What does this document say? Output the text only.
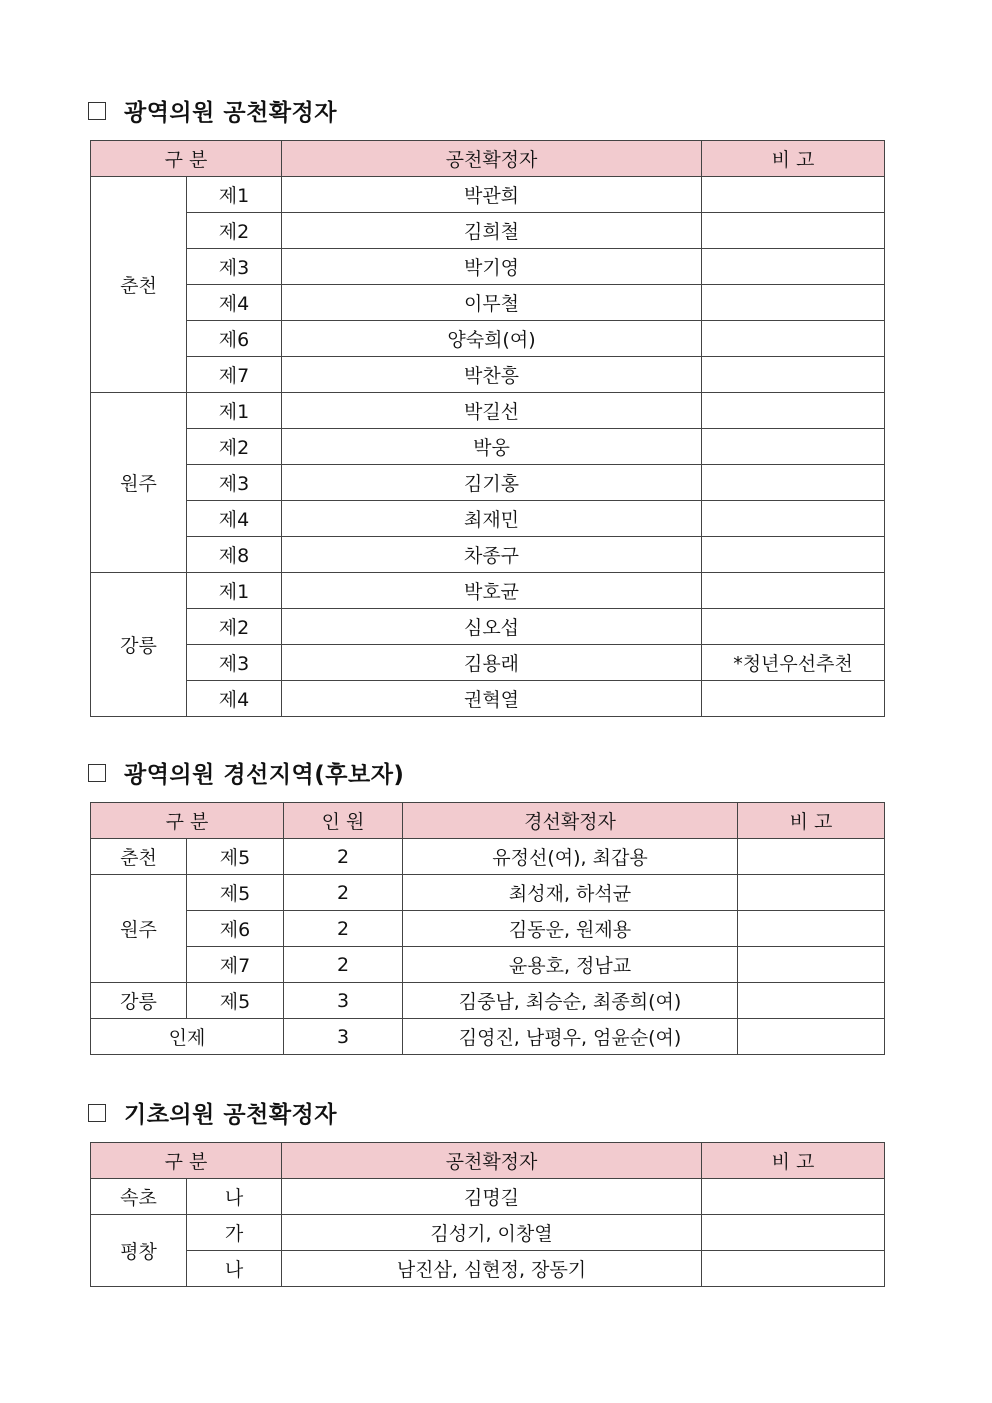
광역의원 공천확정자
구 분		공천확정자	비 고
춘천	제1	박관희	
	제2	김희철	
	제3	박기영	
	제4	이무철	
	제6	양숙희(여)	
	제7	박찬흥	
원주	제1	박길선	
	제2	박웅	
	제3	김기홍	
	제4	최재민	
	제8	차종구	
강릉	제1	박호균	
	제2	심오섭	
	제3	김용래	*청년우선추천
	제4	권혁열	
광역의원 경선지역(후보자)
구 분		인 원	경선확정자	비 고
춘천	제5	2	유정선(여), 최갑용	
원주	제5	2	최성재, 하석균	
	제6	2	김동운, 원제용	
	제7	2	윤용호, 정남교	
강릉	제5	3	김중남, 최승순, 최종희(여)	
인제		3	김영진, 남평우, 엄윤순(여)	
기초의원 공천확정자
구 분		공천확정자	비 고
속초	나	김명길	
평창	가	김성기, 이창열	
	나	남진삼, 심현정, 장동기	
